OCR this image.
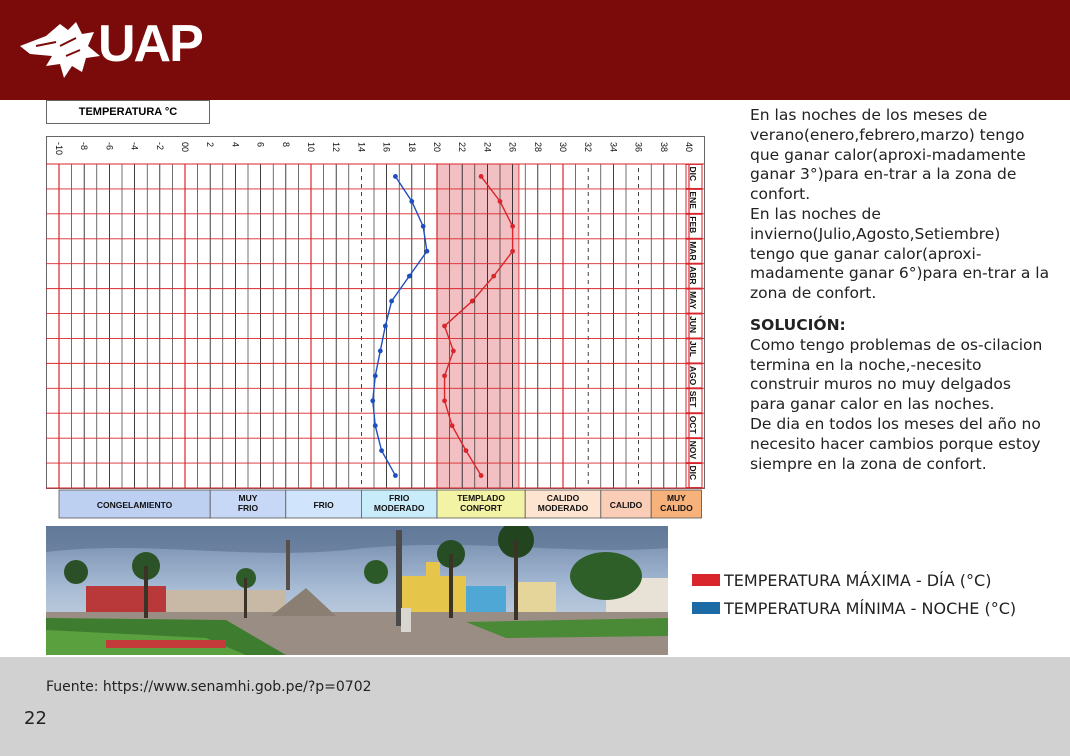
UAP
TEMPERATURA °C
-10 -8 -6 -4 -2 00 2 4 6 8 10 12 14 16 18 20 22 24 26 28 30 32 34 36 38 40
DIC
ENE
FEB
MAR
ABR
MAY
JUN
JUL
AGO
SET
OCT
NOV
DIC
CONGELAMIENTO
MUY
FRIO	FRIO
FRIO
MODERADO
TEMPLADO
CONFORT
CALIDO
MODERADO	CALIDO
MUY
CALIDO

En las noches de los meses de verano(enero,febrero,marzo) tengo que ganar calor(aproxi-madamente ganar 3°)para en-trar a la zona de confort.

En las noches de invierno(Julio,Agosto,Setiembre) tengo que ganar calor(aproxi-madamente ganar 6°)para en-trar a la zona de confort.

SOLUCIÓN:

Como tengo problemas de os-cilacion termina en la noche,-necesito construir muros no muy delgados para ganar calor en las noches.

De dia en todos los meses del año no necesito hacer cambios porque estoy siempre en la zona de confort.

TEMPERATURA MÁXIMA - DÍA (°C)
TEMPERATURA MÍNIMA - NOCHE (°C)
Fuente: https://www.senamhi.gob.pe/?p=0702
22
